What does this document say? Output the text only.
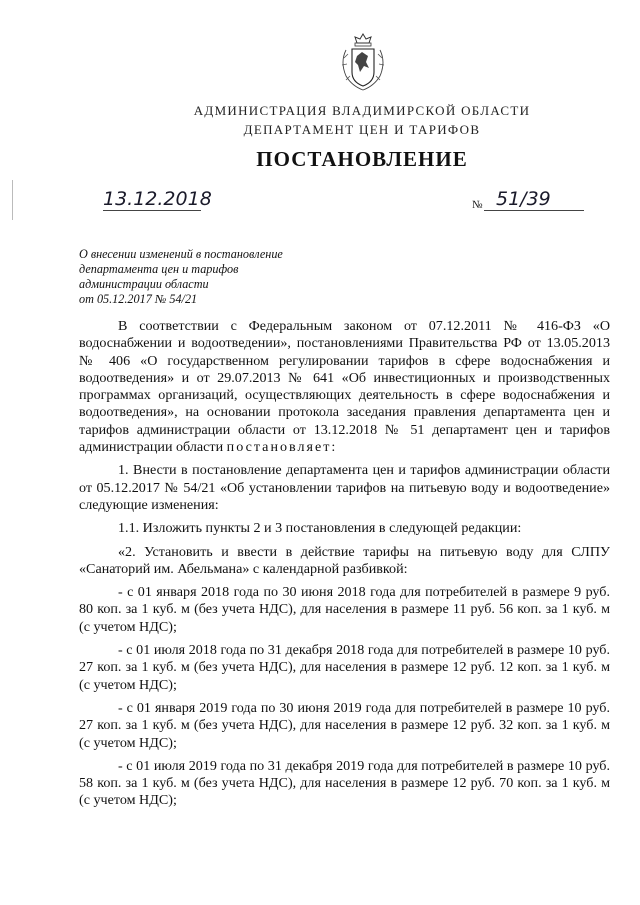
АДМИНИСТРАЦИЯ ВЛАДИМИРСКОЙ ОБЛАСТИ
ДЕПАРТАМЕНТ ЦЕН И ТАРИФОВ
ПОСТАНОВЛЕНИЕ
13.12.2018	№ 51/39
О внесении изменений в постановление
департамента цен и тарифов
администрации области
от 05.12.2017 № 54/21

В соответствии с Федеральным законом от 07.12.2011 № 416-ФЗ «О водоснабжении и водоотведении», постановлениями Правительства РФ от 13.05.2013 № 406 «О государственном регулировании тарифов в сфере водоснабжения и водоотведения» и от 29.07.2013 № 641 «Об инвестиционных и производственных программах организаций, осуществляющих деятельность в сфере водоснабжения и водоотведения», на основании протокола заседания правления департамента цен и тарифов администрации области от 13.12.2018 № 51 департамент цен и тарифов администрации области постановляет:

1. Внести в постановление департамента цен и тарифов администрации области от 05.12.2017 № 54/21 «Об установлении тарифов на питьевую воду и водоотведение» следующие изменения:

1.1. Изложить пункты 2 и 3 постановления в следующей редакции:

«2. Установить и ввести в действие тарифы на питьевую воду для СЛПУ «Санаторий им. Абельмана» с календарной разбивкой:

- с 01 января 2018 года по 30 июня 2018 года для потребителей в размере 9 руб. 80 коп. за 1 куб. м (без учета НДС), для населения в размере 11 руб. 56 коп. за 1 куб. м (с учетом НДС);

- с 01 июля 2018 года по 31 декабря 2018 года для потребителей в размере 10 руб. 27 коп. за 1 куб. м (без учета НДС), для населения в размере 12 руб. 12 коп. за 1 куб. м (с учетом НДС);

- с 01 января 2019 года по 30 июня 2019 года для потребителей в размере 10 руб. 27 коп. за 1 куб. м (без учета НДС), для населения в размере 12 руб. 32 коп. за 1 куб. м (с учетом НДС);

- с 01 июля 2019 года по 31 декабря 2019 года для потребителей в размере 10 руб. 58 коп. за 1 куб. м (без учета НДС), для населения в размере 12 руб. 70 коп. за 1 куб. м (с учетом НДС);
